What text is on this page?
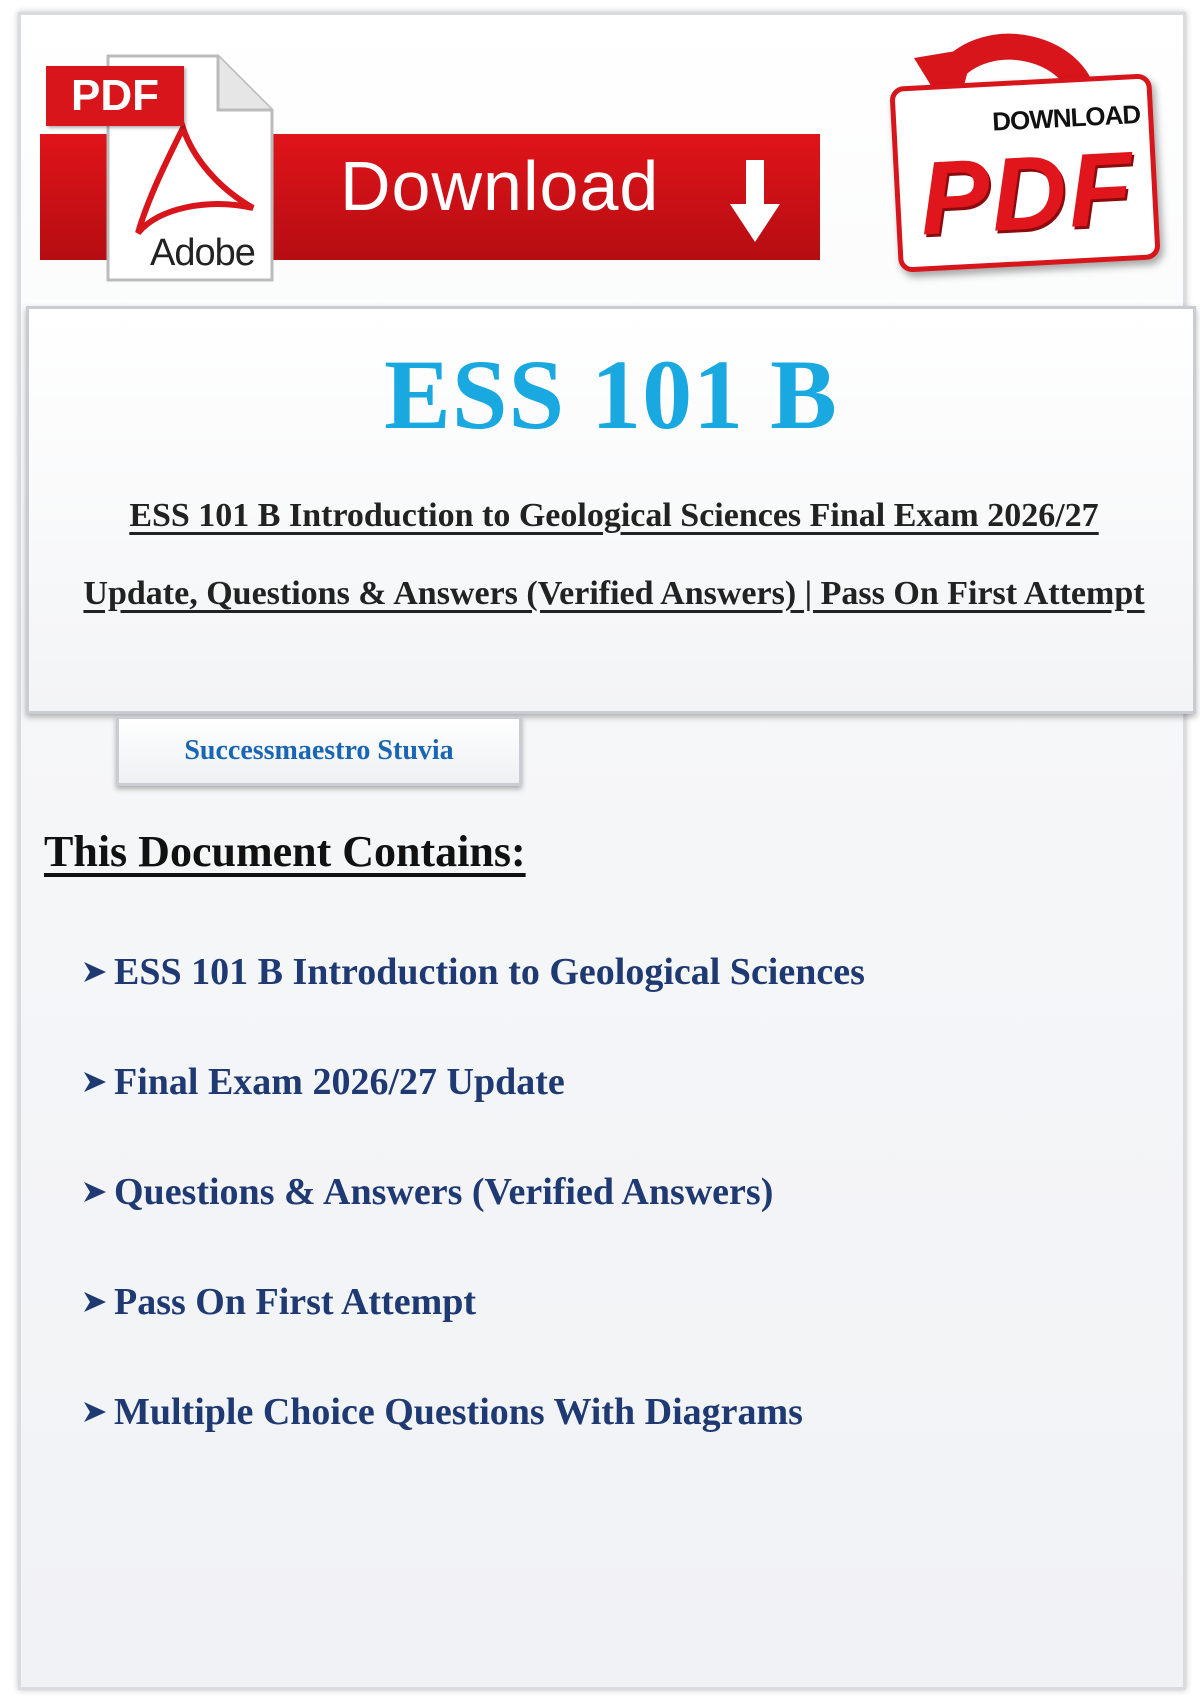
PDF
Adobe
Download
DOWNLOAD
PDF
ESS 101 B
ESS 101 B Introduction to Geological Sciences Final Exam 2026/27 Update, Questions & Answers (Verified Answers) | Pass On First Attempt
Successmaestro Stuvia
This Document Contains:
ESS 101 B Introduction to Geological Sciences
Final Exam 2026/27 Update
Questions & Answers (Verified Answers)
Pass On First Attempt
Multiple Choice Questions With Diagrams
